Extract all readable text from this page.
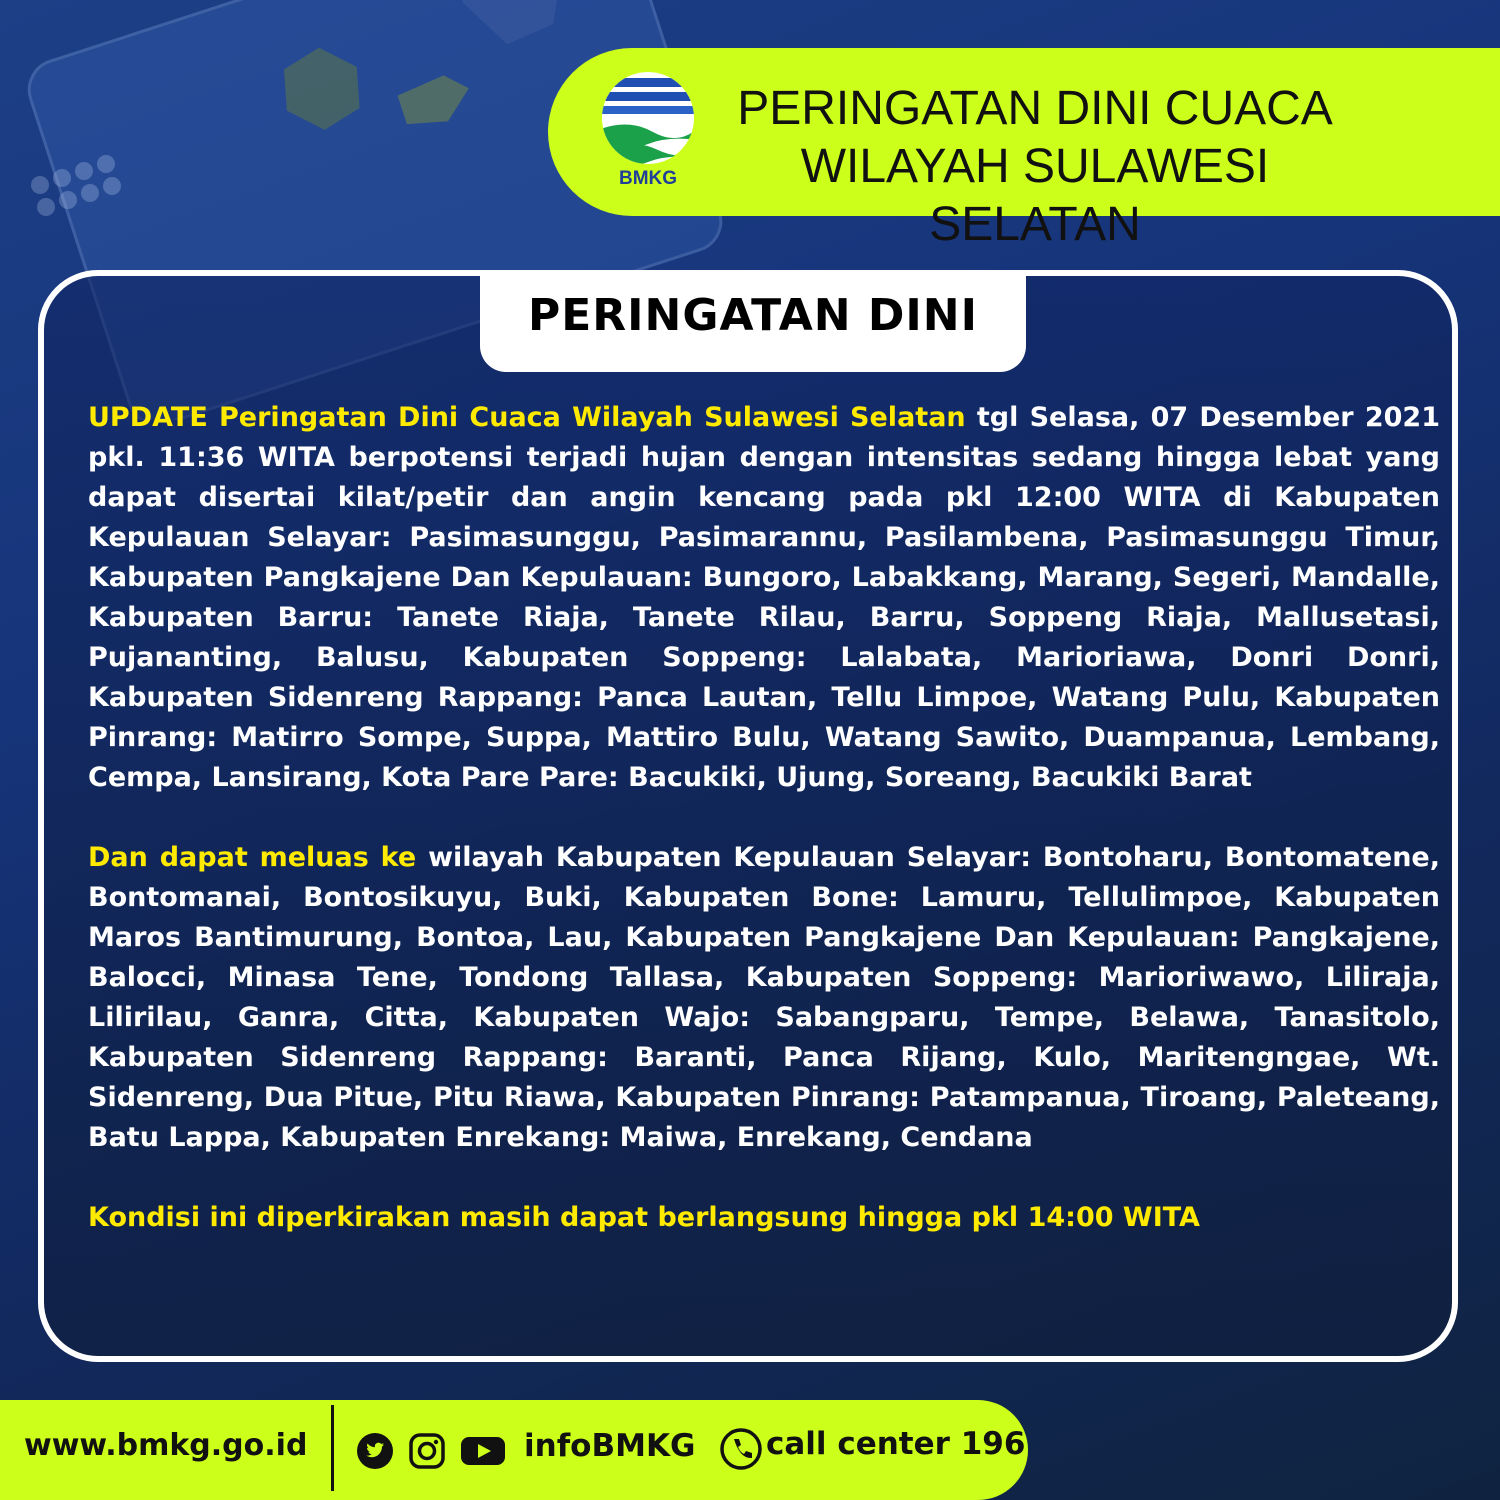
BMKG
PERINGATAN DINI CUACA
WILAYAH SULAWESI SELATAN
PERINGATAN DINI

UPDATE Peringatan Dini Cuaca Wilayah Sulawesi Selatan tgl Selasa, 07 Desember 2021 pkl. 11:36 WITA berpotensi terjadi hujan dengan intensitas sedang hingga lebat yang dapat disertai kilat/petir dan angin kencang pada pkl 12:00 WITA di Kabupaten Kepulauan Selayar: Pasimasunggu, Pasimarannu, Pasilambena, Pasimasunggu Timur, Kabupaten Pangkajene Dan Kepulauan: Bungoro, Labakkang, Marang, Segeri, Mandalle, Kabupaten Barru: Tanete Riaja, Tanete Rilau, Barru, Soppeng Riaja, Mallusetasi, Pujananting, Balusu, Kabupaten Soppeng: Lalabata, Marioriawa, Donri Donri, Kabupaten Sidenreng Rappang: Panca Lautan, Tellu Limpoe, Watang Pulu, Kabupaten Pinrang: Matirro Sompe, Suppa, Mattiro Bulu, Watang Sawito, Duampanua, Lembang, Cempa, Lansirang, Kota Pare Pare: Bacukiki, Ujung, Soreang, Bacukiki Barat

Dan dapat meluas ke wilayah Kabupaten Kepulauan Selayar: Bontoharu, Bontomatene, Bontomanai, Bontosikuyu, Buki, Kabupaten Bone: Lamuru, Tellulimpoe, Kabupaten Maros Bantimurung, Bontoa, Lau, Kabupaten Pangkajene Dan Kepulauan: Pangkajene, Balocci, Minasa Tene, Tondong Tallasa, Kabupaten Soppeng: Marioriwawo, Liliraja, Lilirilau, Ganra, Citta, Kabupaten Wajo: Sabangparu, Tempe, Belawa, Tanasitolo, Kabupaten Sidenreng Rappang: Baranti, Panca Rijang, Kulo, Maritengngae, Wt. Sidenreng, Dua Pitue, Pitu Riawa, Kabupaten Pinrang: Patampanua, Tiroang, Paleteang, Batu Lappa, Kabupaten Enrekang: Maiwa, Enrekang, Cendana

Kondisi ini diperkirakan masih dapat berlangsung hingga pkl 14:00 WITA

www.bmkg.go.id	infoBMKG call center 196
